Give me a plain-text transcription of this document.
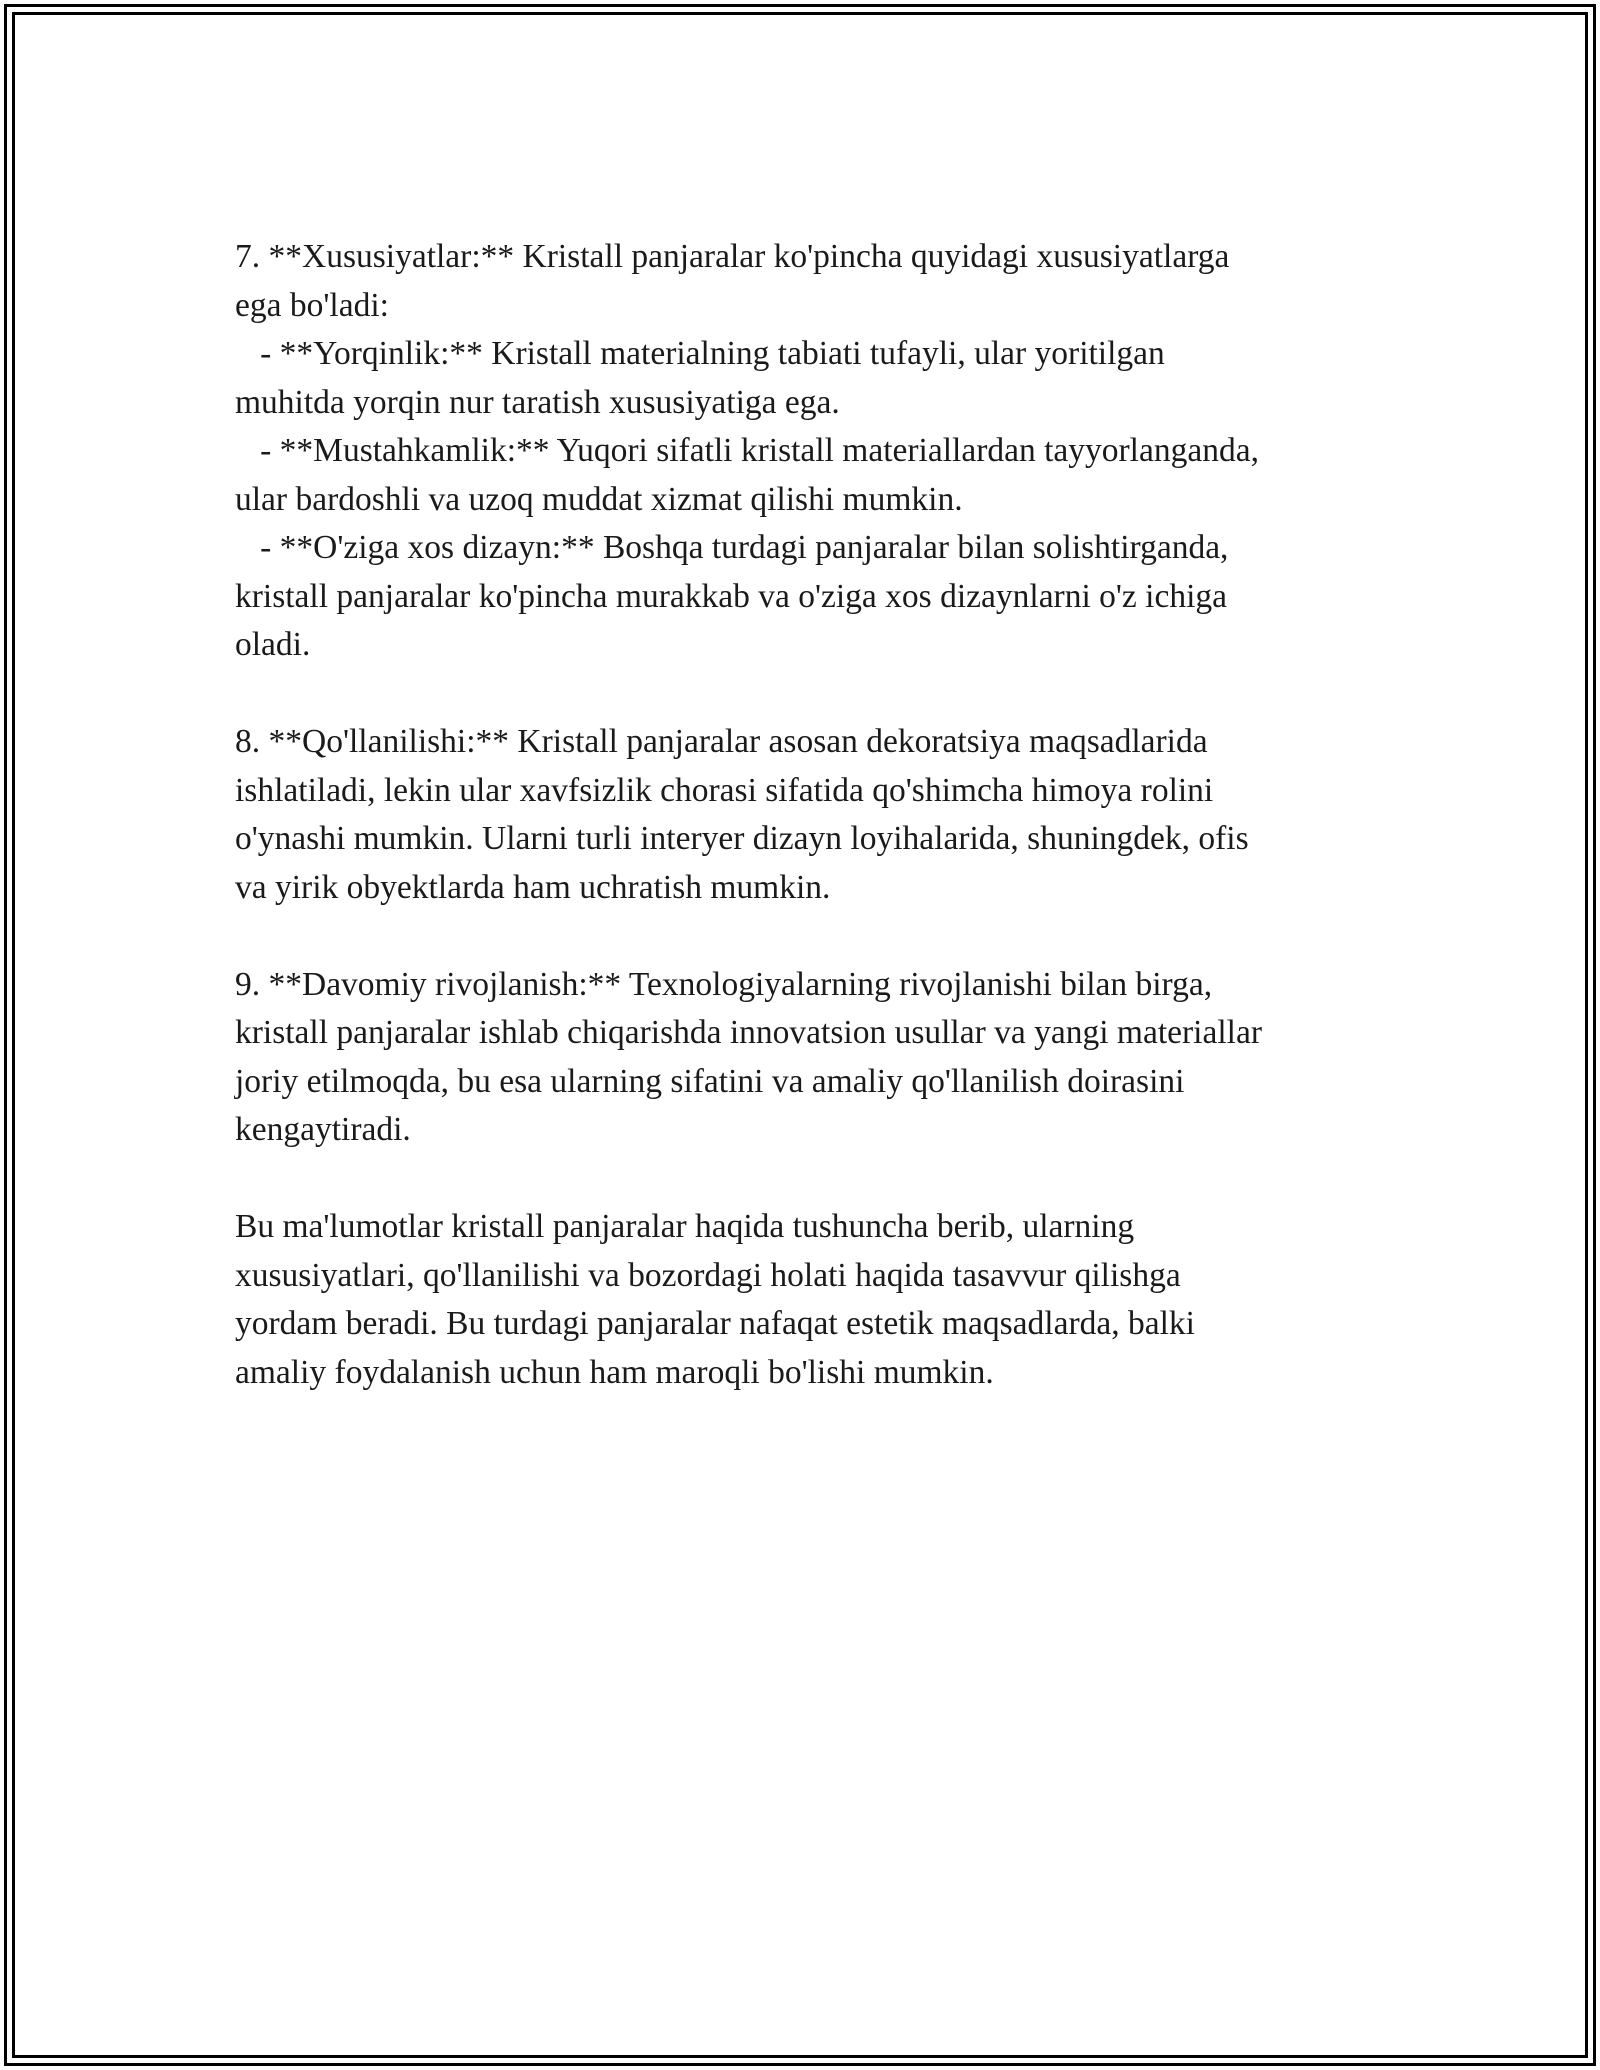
7. **Xususiyatlar:** Kristall panjaralar ko'pincha quyidagi xususiyatlarga
ega bo'ladi:
- **Yorqinlik:** Kristall materialning tabiati tufayli, ular yoritilgan
muhitda yorqin nur taratish xususiyatiga ega.
- **Mustahkamlik:** Yuqori sifatli kristall materiallardan tayyorlanganda,
ular bardoshli va uzoq muddat xizmat qilishi mumkin.
- **O'ziga xos dizayn:** Boshqa turdagi panjaralar bilan solishtirganda,
kristall panjaralar ko'pincha murakkab va o'ziga xos dizaynlarni o'z ichiga
oladi.
8. **Qo'llanilishi:** Kristall panjaralar asosan dekoratsiya maqsadlarida
ishlatiladi, lekin ular xavfsizlik chorasi sifatida qo'shimcha himoya rolini
o'ynashi mumkin. Ularni turli interyer dizayn loyihalarida, shuningdek, ofis
va yirik obyektlarda ham uchratish mumkin.
9. **Davomiy rivojlanish:** Texnologiyalarning rivojlanishi bilan birga,
kristall panjaralar ishlab chiqarishda innovatsion usullar va yangi materiallar
joriy etilmoqda, bu esa ularning sifatini va amaliy qo'llanilish doirasini
kengaytiradi.
Bu ma'lumotlar kristall panjaralar haqida tushuncha berib, ularning
xususiyatlari, qo'llanilishi va bozordagi holati haqida tasavvur qilishga
yordam beradi. Bu turdagi panjaralar nafaqat estetik maqsadlarda, balki
amaliy foydalanish uchun ham maroqli bo'lishi mumkin.
